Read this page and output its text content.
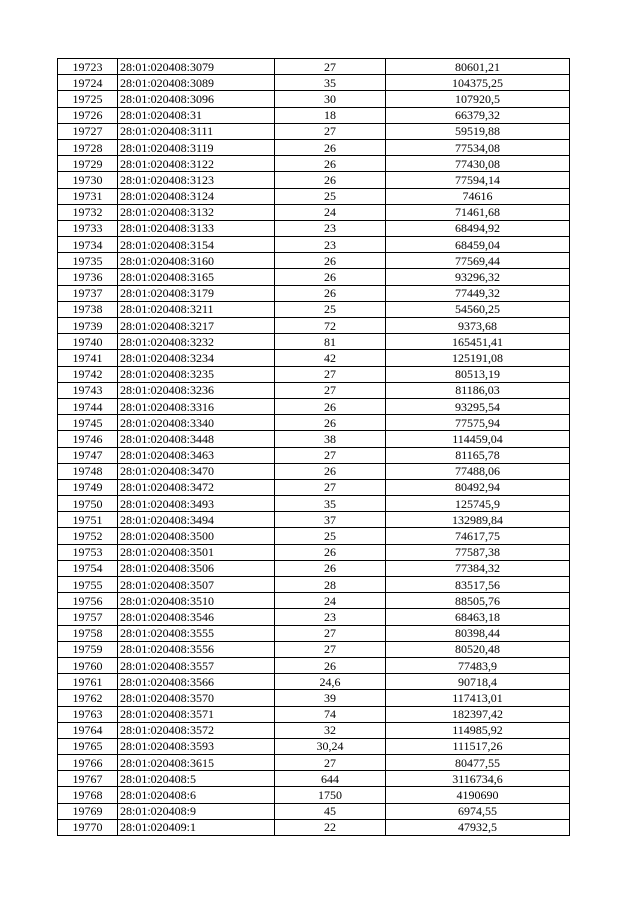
19723	28:01:020408:3079	27	80601,21
19724	28:01:020408:3089	35	104375,25
19725	28:01:020408:3096	30	107920,5
19726	28:01:020408:31	18	66379,32
19727	28:01:020408:3111	27	59519,88
19728	28:01:020408:3119	26	77534,08
19729	28:01:020408:3122	26	77430,08
19730	28:01:020408:3123	26	77594,14
19731	28:01:020408:3124	25	74616
19732	28:01:020408:3132	24	71461,68
19733	28:01:020408:3133	23	68494,92
19734	28:01:020408:3154	23	68459,04
19735	28:01:020408:3160	26	77569,44
19736	28:01:020408:3165	26	93296,32
19737	28:01:020408:3179	26	77449,32
19738	28:01:020408:3211	25	54560,25
19739	28:01:020408:3217	72	9373,68
19740	28:01:020408:3232	81	165451,41
19741	28:01:020408:3234	42	125191,08
19742	28:01:020408:3235	27	80513,19
19743	28:01:020408:3236	27	81186,03
19744	28:01:020408:3316	26	93295,54
19745	28:01:020408:3340	26	77575,94
19746	28:01:020408:3448	38	114459,04
19747	28:01:020408:3463	27	81165,78
19748	28:01:020408:3470	26	77488,06
19749	28:01:020408:3472	27	80492,94
19750	28:01:020408:3493	35	125745,9
19751	28:01:020408:3494	37	132989,84
19752	28:01:020408:3500	25	74617,75
19753	28:01:020408:3501	26	77587,38
19754	28:01:020408:3506	26	77384,32
19755	28:01:020408:3507	28	83517,56
19756	28:01:020408:3510	24	88505,76
19757	28:01:020408:3546	23	68463,18
19758	28:01:020408:3555	27	80398,44
19759	28:01:020408:3556	27	80520,48
19760	28:01:020408:3557	26	77483,9
19761	28:01:020408:3566	24,6	90718,4
19762	28:01:020408:3570	39	117413,01
19763	28:01:020408:3571	74	182397,42
19764	28:01:020408:3572	32	114985,92
19765	28:01:020408:3593	30,24	111517,26
19766	28:01:020408:3615	27	80477,55
19767	28:01:020408:5	644	3116734,6
19768	28:01:020408:6	1750	4190690
19769	28:01:020408:9	45	6974,55
19770	28:01:020409:1	22	47932,5
